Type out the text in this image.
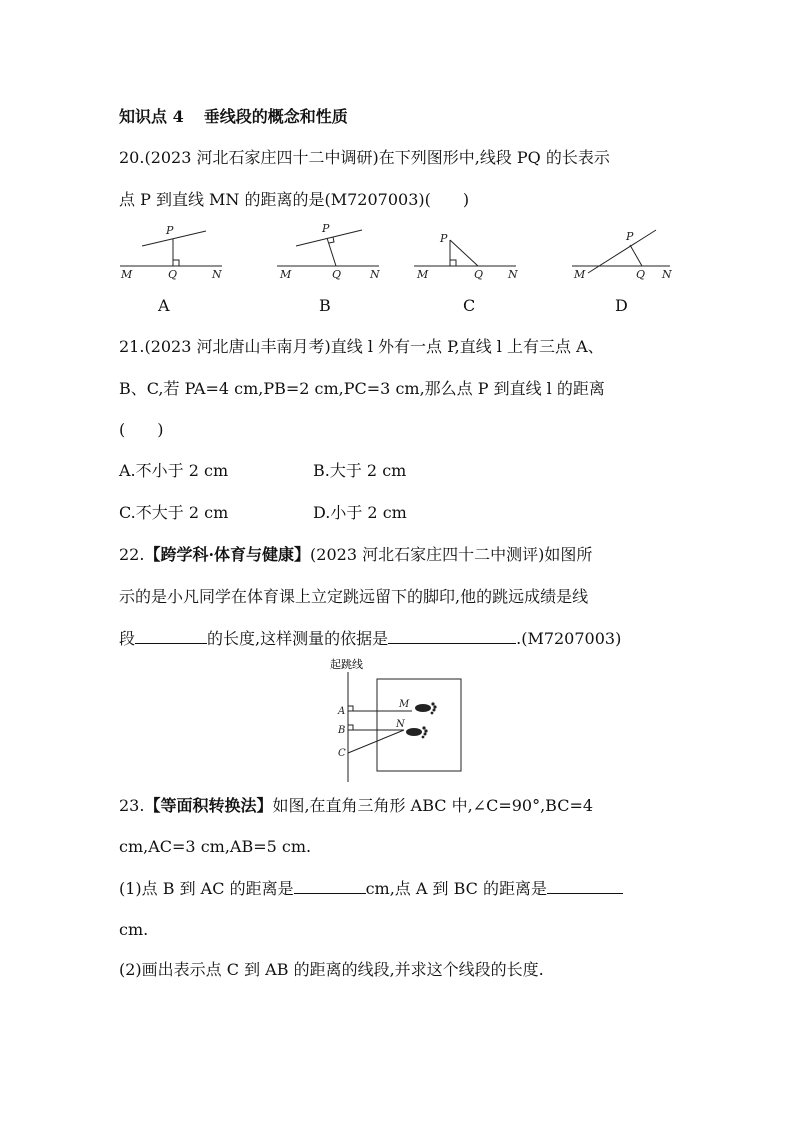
知识点 4 垂线段的概念和性质
20.(2023 河北石家庄四十二中调研)在下列图形中,线段 PQ 的长表示
点 P 到直线 MN 的距离的是(M7207003)(　　)
P
M	Q	N
P
M	Q	N
P
M	Q N
P
M	Q N
A	B	C	D
21.(2023 河北唐山丰南月考)直线 l 外有一点 P,直线 l 上有三点 A、
B、C,若 PA=4 cm,PB=2 cm,PC=3 cm,那么点 P 到直线 l 的距离
(　　)
A.不小于 2 cm	B.大于 2 cm
C.不大于 2 cm	D.小于 2 cm
22.【跨学科·体育与健康】(2023 河北石家庄四十二中测评)如图所
示的是小凡同学在体育课上立定跳远留下的脚印,他的跳远成绩是线
段	的长度,这样测量的依据是	.(M7207003)
起跳线
A
B
C
M
N
23.【等面积转换法】如图,在直角三角形 ABC 中,∠C=90°,BC=4
cm,AC=3 cm,AB=5 cm.
(1)点 B 到 AC 的距离是	cm,点 A 到 BC 的距离是
cm.
(2)画出表示点 C 到 AB 的距离的线段,并求这个线段的长度.
